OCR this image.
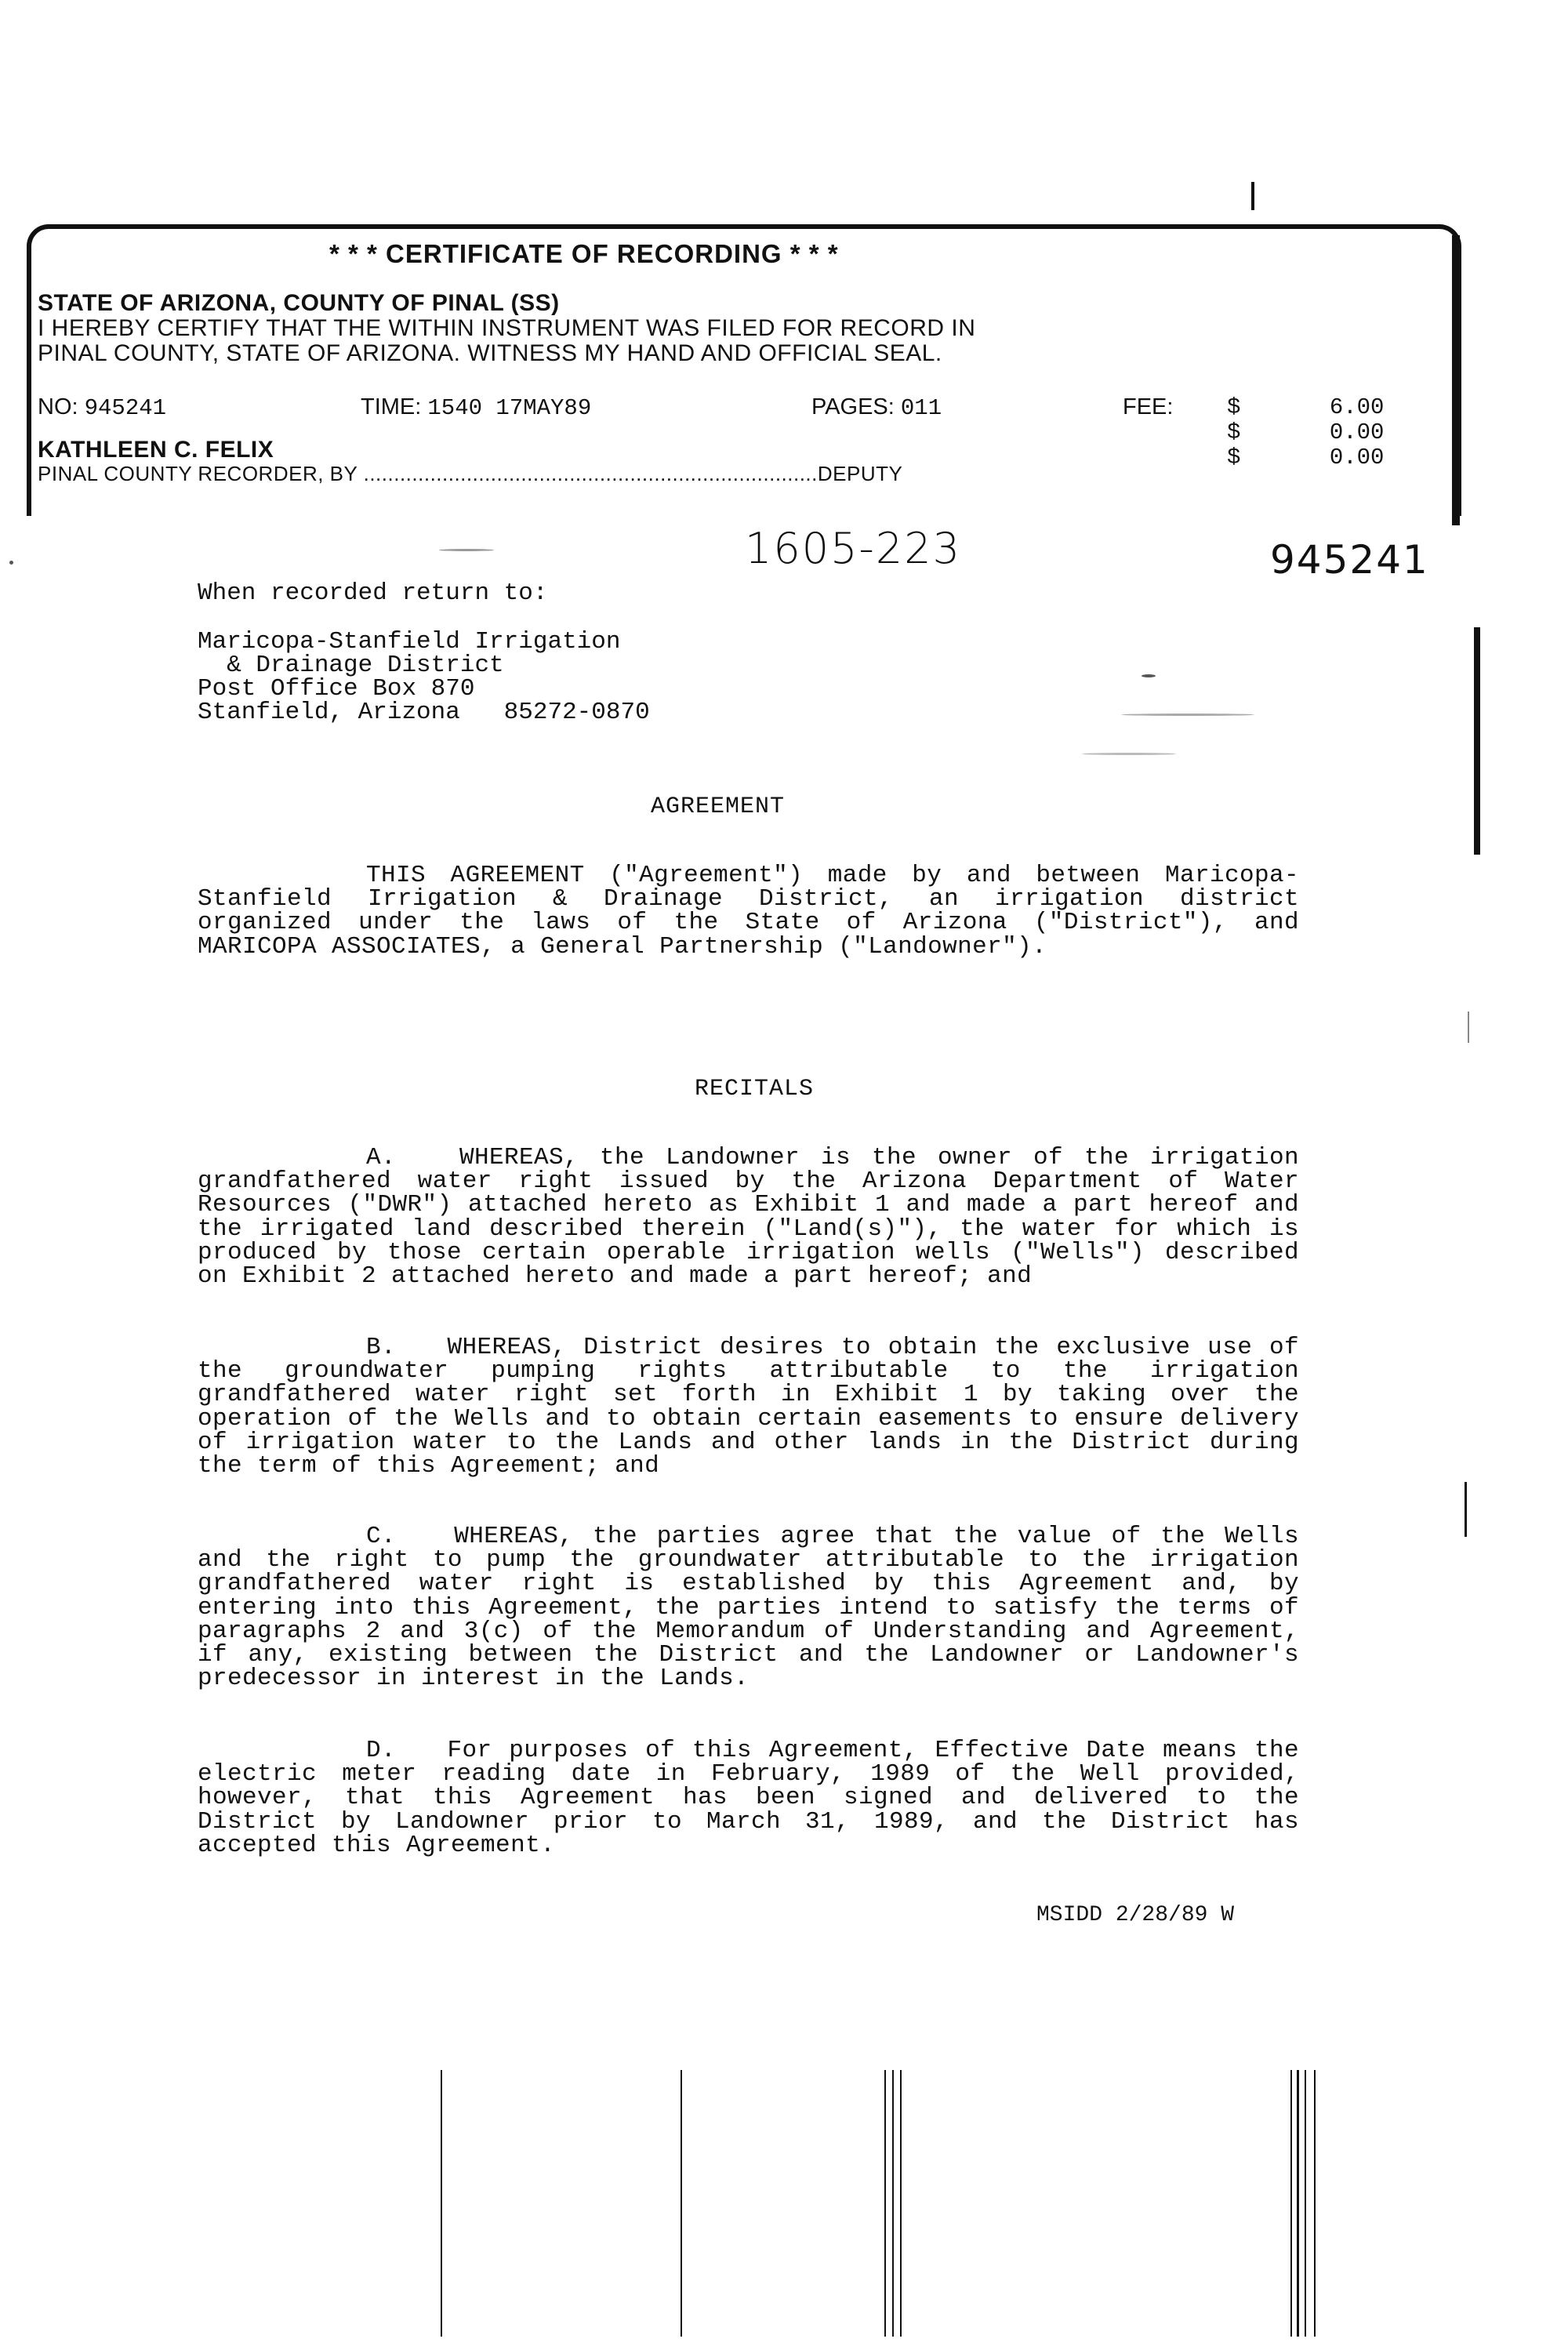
* * * CERTIFICATE OF RECORDING * * *
STATE OF ARIZONA, COUNTY OF PINAL (SS)
I HEREBY CERTIFY THAT THE WITHIN INSTRUMENT WAS FILED FOR RECORD IN
PINAL COUNTY, STATE OF ARIZONA. WITNESS MY HAND AND OFFICIAL SEAL.
NO: 945241	TIME: 1540 17MAY89	PAGES: 011	FEE: $	6.00
$	0.00
$	0.00
KATHLEEN C. FELIX
PINAL COUNTY RECORDER, BY ...........................................................................DEPUTY
1605-223	945241
When recorded return to:
Maricopa-Stanfield Irrigation
& Drainage District
Post Office Box 870
Stanfield, Arizona   85272-0870
AGREEMENT
THIS AGREEMENT ("Agreement") made by and between Maricopa-Stanfield Irrigation & Drainage District, an irrigation district organized under the laws of the State of Arizona ("District"), and MARICOPA ASSOCIATES, a General Partnership ("Landowner").
RECITALS
A.	WHEREAS, the Landowner is the owner of the irrigation grandfathered water right issued by the Arizona Department of Water Resources ("DWR") attached hereto as Exhibit 1 and made a part hereof and the irrigated land described therein ("Land(s)"), the water for which is produced by those certain operable irrigation wells ("Wells") described on Exhibit 2 attached hereto and made a part hereof; and
B. WHEREAS, District desires to obtain the exclusive use of the groundwater pumping rights attributable to the irrigation grandfathered water right set forth in Exhibit 1 by taking over the operation of the Wells and to obtain certain easements to ensure delivery of irrigation water to the Lands and other lands in the District during the term of this Agreement; and
C. WHEREAS, the parties agree that the value of the Wells and the right to pump the groundwater attributable to the irrigation grandfathered water right is established by this Agreement and, by entering into this Agreement, the parties intend to satisfy the terms of paragraphs 2 and 3(c) of the Memorandum of Understanding and Agreement, if any, existing between the District and the Landowner or Landowner's predecessor in interest in the Lands.
D. For purposes of this Agreement, Effective Date means the electric meter reading date in February, 1989 of the Well provided, however, that this Agreement has been signed and delivered to the District by Landowner prior to March 31, 1989, and the District has accepted this Agreement.
MSIDD 2/28/89 W
